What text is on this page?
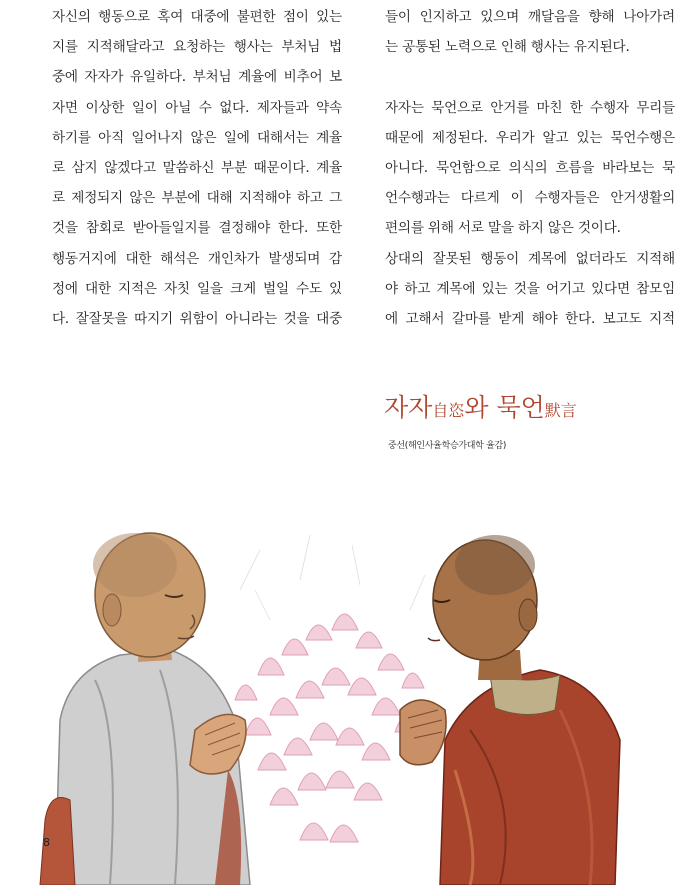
자신의 행동으로 혹여 대중에 불편한 점이 있는
지를 지적해달라고 요청하는 행사는 부처님 법
중에 자자가 유일하다. 부처님 계율에 비추어 보
자면 이상한 일이 아닐 수 없다. 제자들과 약속
하기를 아직 일어나지 않은 일에 대해서는 계율
로 삼지 않겠다고 말씀하신 부분 때문이다. 계율
로 제정되지 않은 부분에 대해 지적해야 하고 그
것을 참회로 받아들일지를 결정해야 한다. 또한
행동거지에 대한 해석은 개인차가 발생되며 감
정에 대한 지적은 자칫 일을 크게 벌일 수도 있
다. 잘잘못을 따지기 위함이 아니라는 것을 대중
들이 인지하고 있으며 깨달음을 향해 나아가려
는 공통된 노력으로 인해 행사는 유지된다.
자자는 묵언으로 안거를 마친 한 수행자 무리들
때문에 제정된다. 우리가 알고 있는 묵언수행은
아니다. 묵언함으로 의식의 흐름을 바라보는 묵
언수행과는 다르게 이 수행자들은 안거생활의
편의를 위해 서로 말을 하지 않은 것이다.
상대의 잘못된 행동이 계목에 없더라도 지적해
야 하고 계목에 있는 것을 어기고 있다면 참모임
에 고해서 갈마를 받게 해야 한다. 보고도 지적
자자自恣와 묵언默言
중선(해인사율학승가대학 율감)
8
